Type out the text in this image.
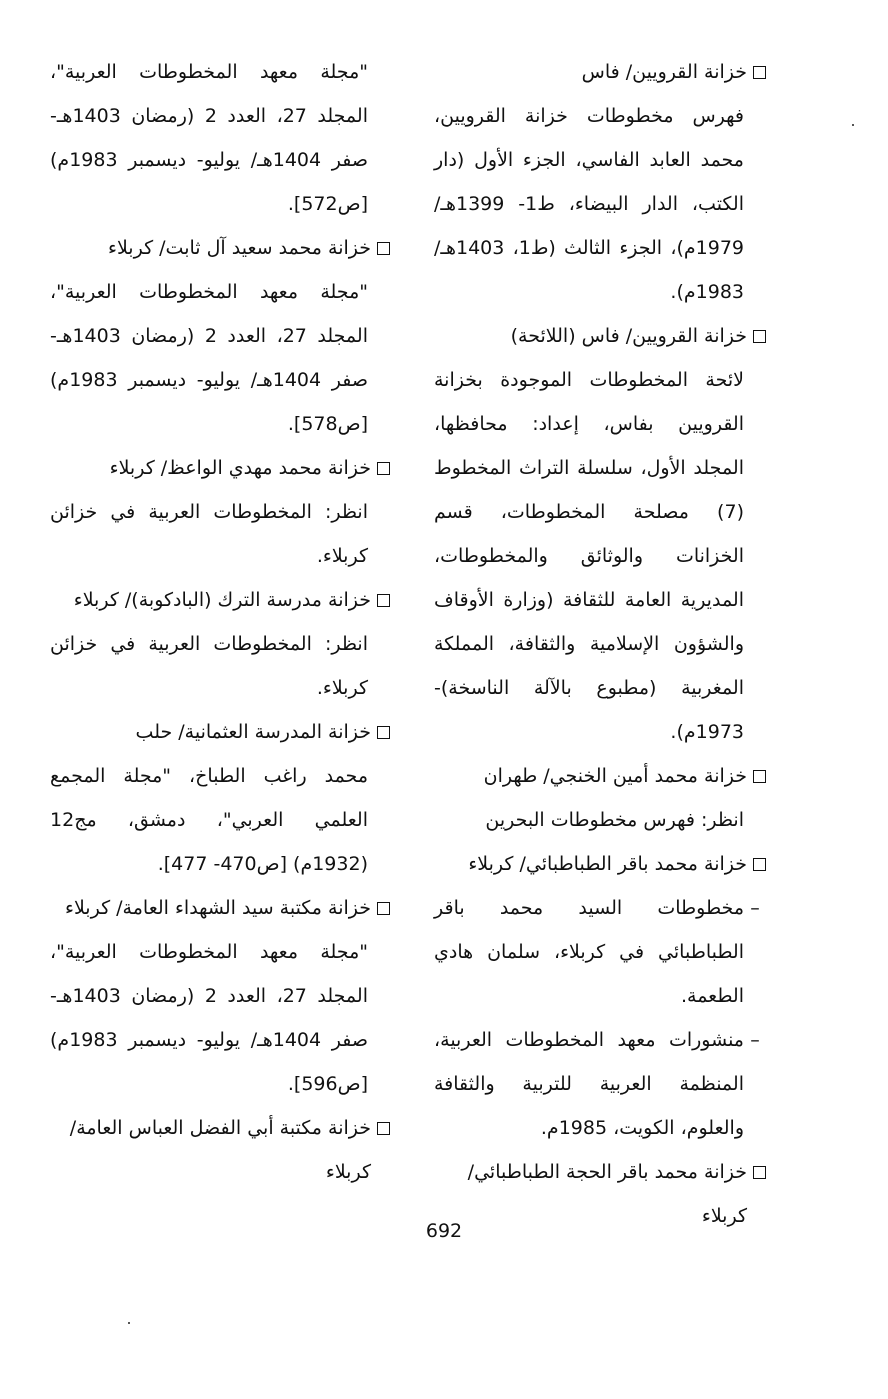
خزانة القرويين/ فاس
فهرس مخطوطات خزانة القرويين، محمد العابد الفاسي، الجزء الأول (دار الكتب، الدار البيضاء، ط1- 1399هـ/ 1979م)، الجزء الثالث (ط1، 1403هـ/ 1983م).
خزانة القرويين/ فاس (اللائحة)
لائحة المخطوطات الموجودة بخزانة القرويين بفاس، إعداد: محافظها، المجلد الأول، سلسلة التراث المخطوط (7) مصلحة المخطوطات، قسم الخزانات والوثائق والمخطوطات، المديرية العامة للثقافة (وزارة الأوقاف والشؤون الإسلامية والثقافة، المملكة المغربية (مطبوع بالآلة الناسخة)- 1973م).
خزانة محمد أمين الخنجي/ طهران
انظر: فهرس مخطوطات البحرين
خزانة محمد باقر الطباطبائي/ كربلاء
–
مخطوطات السيد محمد باقر الطباطبائي في كربلاء، سلمان هادي الطعمة.
–
منشورات معهد المخطوطات العربية، المنظمة العربية للتربية والثقافة والعلوم، الكويت، 1985م.
خزانة محمد باقر الحجة الطباطبائي/ كربلاء
"مجلة معهد المخطوطات العربية"، المجلد 27، العدد 2 (رمضان 1403هـ- صفر 1404هـ/ يوليو- ديسمبر 1983م) [ص572].
خزانة محمد سعيد آل ثابت/ كربلاء
"مجلة معهد المخطوطات العربية"، المجلد 27، العدد 2 (رمضان 1403هـ- صفر 1404هـ/ يوليو- ديسمبر 1983م) [ص578].
خزانة محمد مهدي الواعظ/ كربلاء
انظر: المخطوطات العربية في خزائن كربلاء.
خزانة مدرسة الترك (البادكوبة)/ كربلاء
انظر: المخطوطات العربية في خزائن كربلاء.
خزانة المدرسة العثمانية/ حلب
محمد راغب الطباخ، "مجلة المجمع العلمي العربي"، دمشق، مج12 (1932م) [ص470- 477].
خزانة مكتبة سيد الشهداء العامة/ كربلاء
"مجلة معهد المخطوطات العربية"، المجلد 27، العدد 2 (رمضان 1403هـ- صفر 1404هـ/ يوليو- ديسمبر 1983م) [ص596].
خزانة مكتبة أبي الفضل العباس العامة/ كربلاء
692
